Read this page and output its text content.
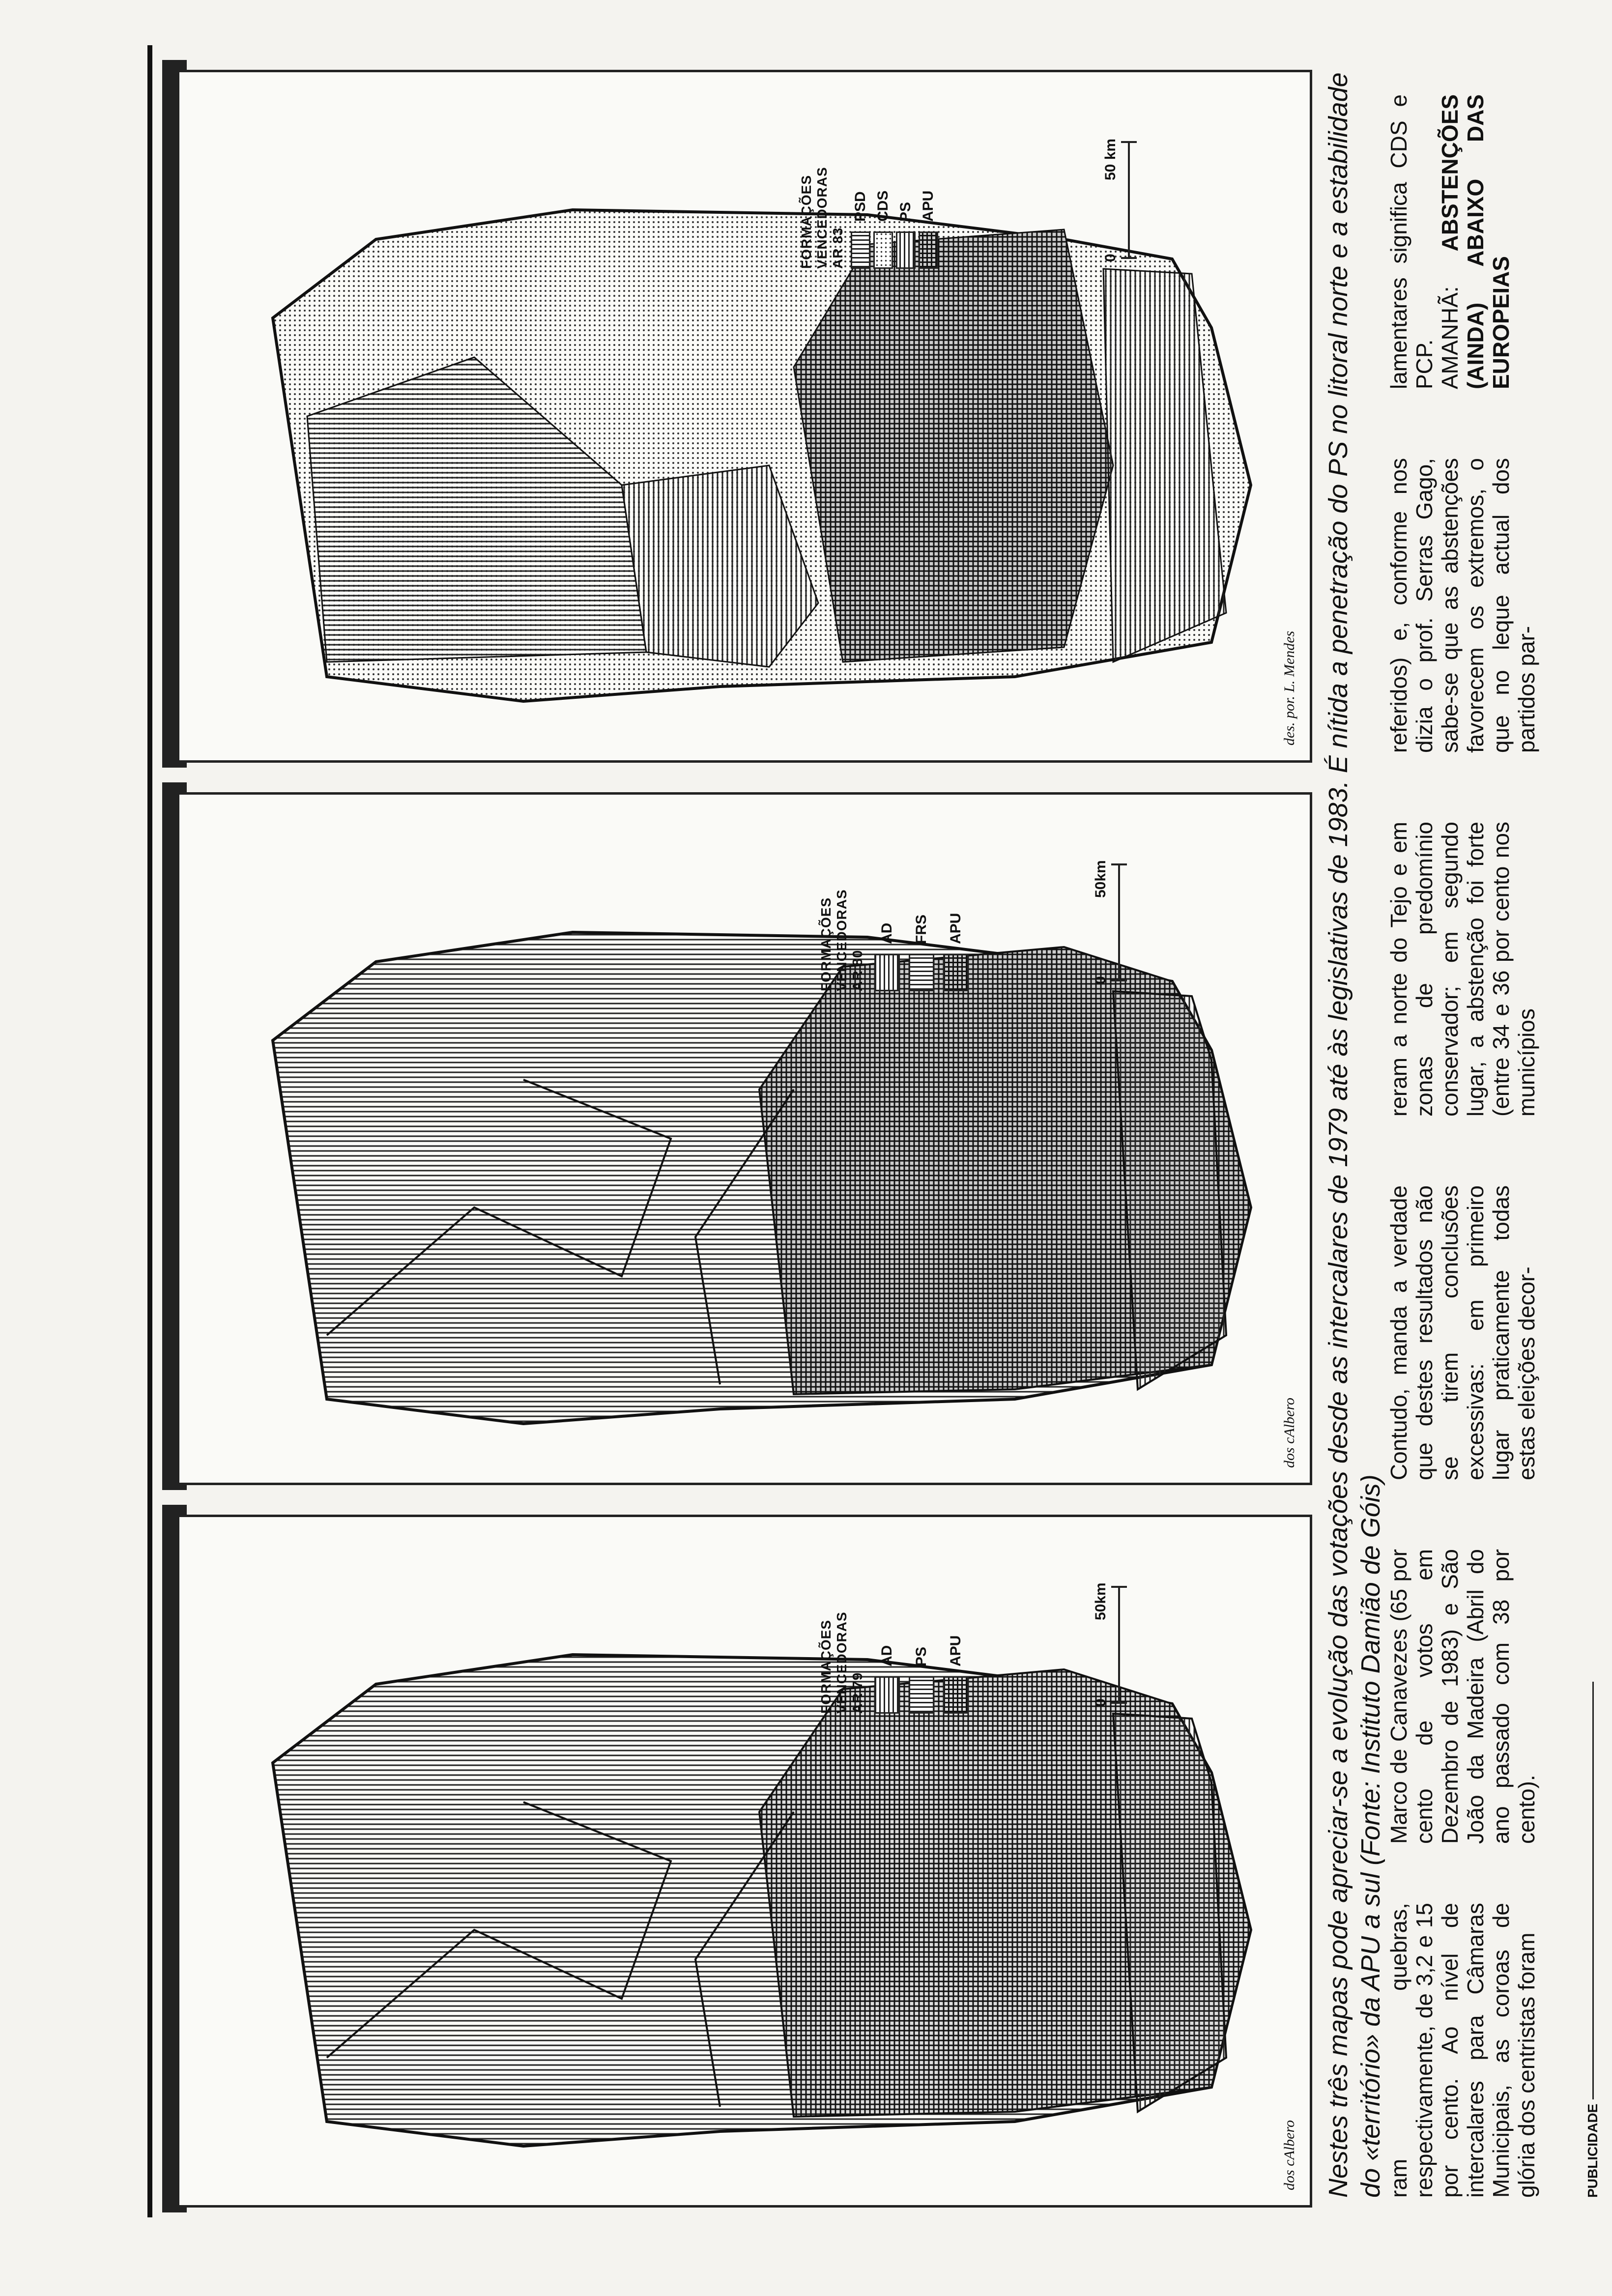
FORMAÇÕES VENCEDORAS AR 79
AD PS APU
0
50km
dos cAlbero
FORMAÇÕES VENCEDORAS AR 80
AD FRS APU
0
50km
dos cAlbero
FORMAÇÕES VENCEDORAS AR 83
PSD CDS PS APU
0
50 km
des. por. L. Mendes Nestes três mapas pode apreciar-se a evolução das votações desde as intercalares de 1979 até às legislativas de 1983. É nítida a penetração do PS no litoral norte e a estabilidade do «território» da APU a sul (Fonte: Instituto Damião de Góis) ram quebras, respectivamente, de 3,2 e 15 por cento. Ao nível de intercalares para Câmaras Municipais, as coroas de glória dos centristas foram

Marco de Canavezes (65 por cento de votos em Dezembro de 1983) e São João da Madeira (Abril do ano passado com 38 por cento).

Contudo, manda a verdade que destes resultados não se tirem conclusões excessivas: em primeiro lugar praticamente todas estas eleições decor-

reram a norte do Tejo e em zonas de predomínio conservador; em segundo lugar, a abstenção foi forte (entre 34 e 36 por cento nos municípios

referidos) e, conforme nos dizia o prof. Serras Gago, sabe-se que as abstenções favorecem os extremos, o que no leque actual dos partidos par-

lamentares significa CDS e PCP. AMANHÃ: ABSTENÇÕES (AINDA) ABAIXO DAS EUROPEIAS

PUBLICIDADE
